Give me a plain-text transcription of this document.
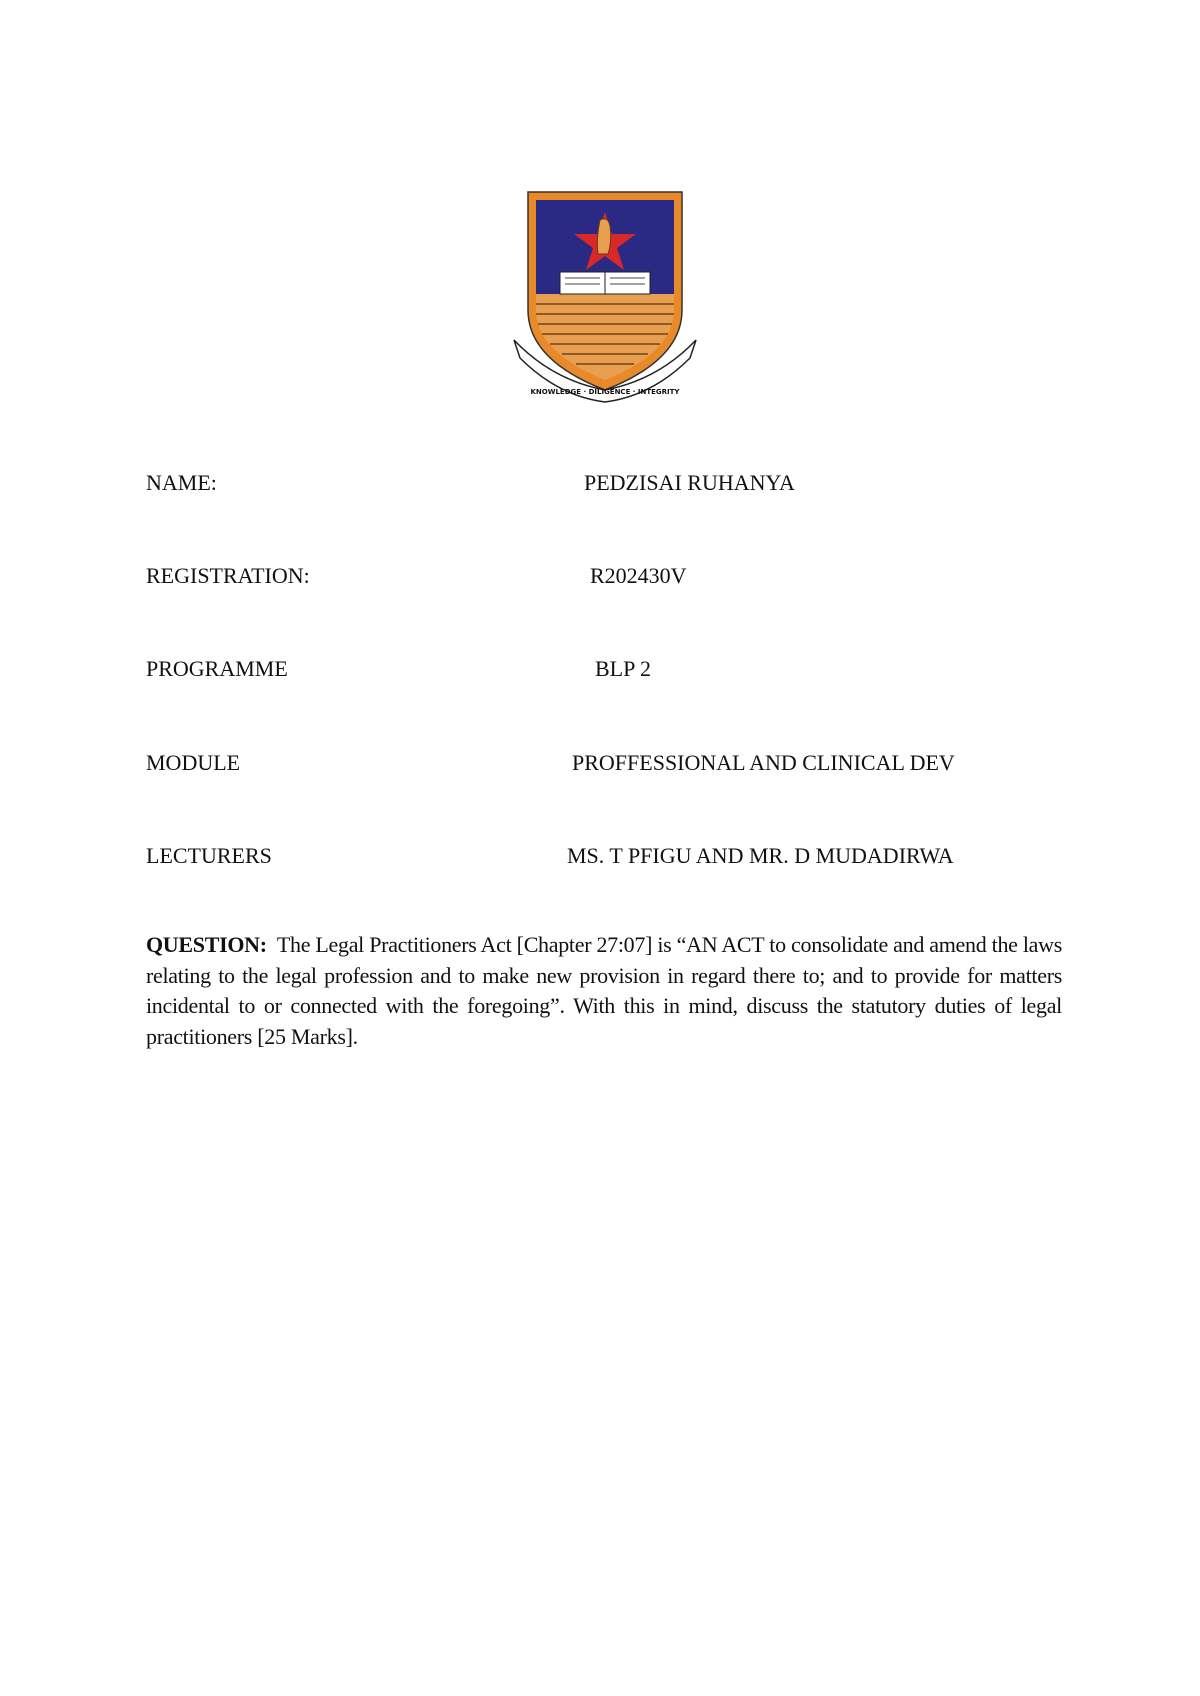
KNOWLEDGE · DILIGENCE · INTEGRITY
NAME:	PEDZISAI RUHANYA
REGISTRATION:	R202430V
PROGRAMME	BLP 2
MODULE	PROFFESSIONAL AND CLINICAL DEV
LECTURERS	MS. T PFIGU AND MR. D MUDADIRWA
QUESTION: The Legal Practitioners Act [Chapter 27:07] is “AN ACT to consolidate and amend the laws relating to the legal profession and to make new provision in regard there to; and to provide for matters incidental to or connected with the foregoing”. With this in mind, discuss the statutory duties of legal practitioners [25 Marks].
